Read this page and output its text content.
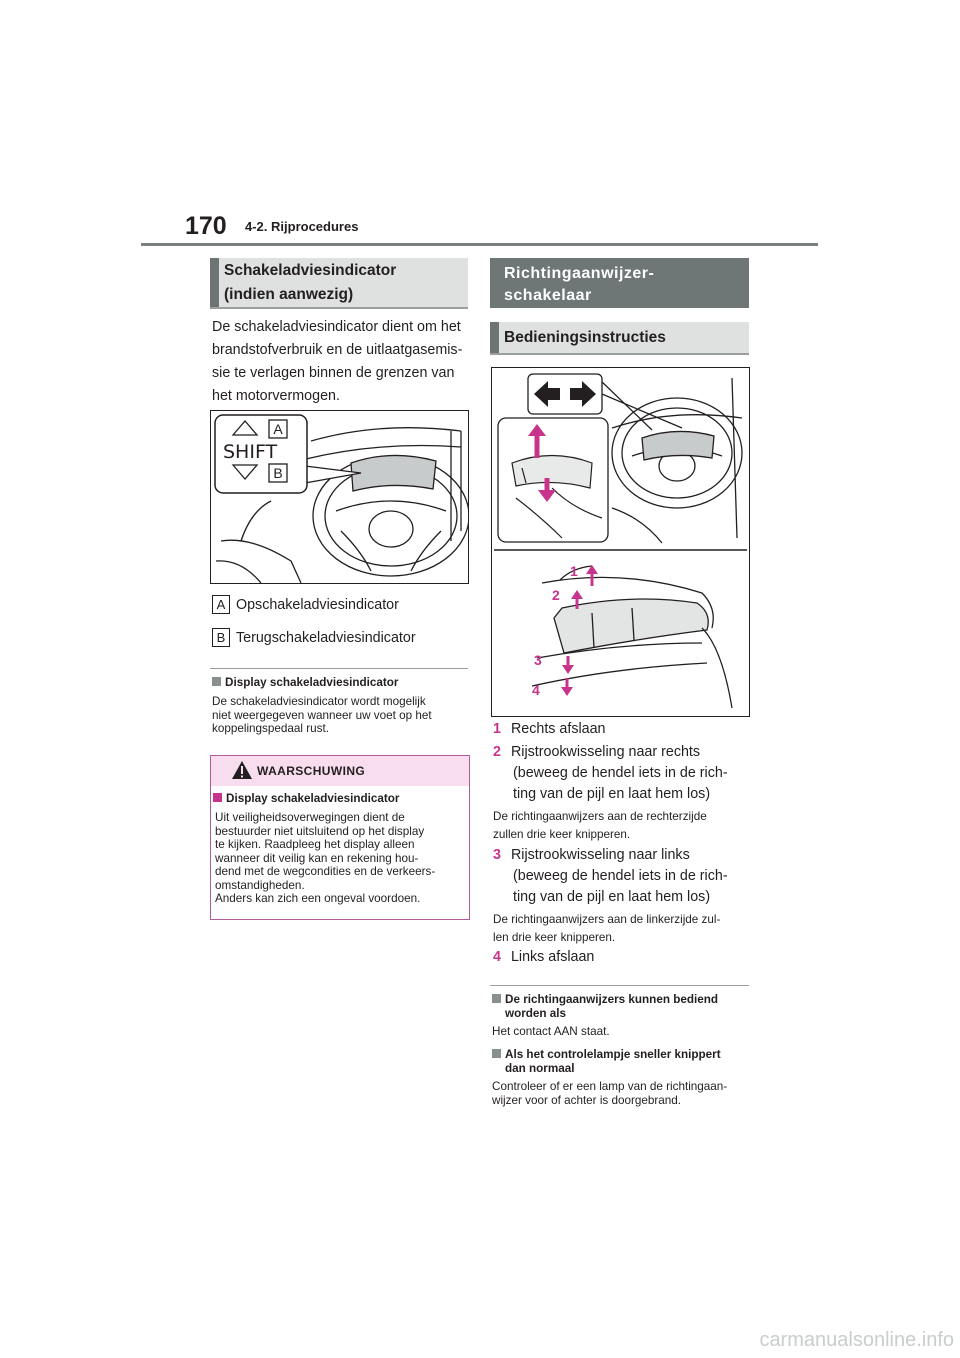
170 4-2. Rijprocedures
Schakeladviesindicator
(indien aanwezig)
De schakeladviesindicator dient om het
brandstofverbruik en de uitlaatgasemis-
sie te verlagen binnen de grenzen van
het motorvermogen.
A
B
SHIFT
A Opschakeladviesindicator
B Terugschakeladviesindicator
Display schakeladviesindicator
De schakeladviesindicator wordt mogelijk
niet weergegeven wanneer uw voet op het
koppelingspedaal rust.
WAARSCHUWING
Display schakeladviesindicator
Uit veiligheidsoverwegingen dient de
bestuurder niet uitsluitend op het display
te kijken. Raadpleeg het display alleen
wanneer dit veilig kan en rekening hou-
dend met de wegcondities en de verkeers-
omstandigheden.
Anders kan zich een ongeval voordoen.
Richtingaanwijzer-
schakelaar
Bedieningsinstructies
1
2
3
4
1 Rechts afslaan
2 Rijstrookwisseling naar rechts
(beweeg de hendel iets in de rich-
ting van de pijl en laat hem los)
De richtingaanwijzers aan de rechterzijde
zullen drie keer knipperen.
3 Rijstrookwisseling naar links
(beweeg de hendel iets in de rich-
ting van de pijl en laat hem los)
De richtingaanwijzers aan de linkerzijde zul-
len drie keer knipperen.
4 Links afslaan
De richtingaanwijzers kunnen bediend
worden als
Het contact AAN staat.
Als het controlelampje sneller knippert
dan normaal
Controleer of er een lamp van de richtingaan-
wijzer voor of achter is doorgebrand.
carmanualsonline.info
